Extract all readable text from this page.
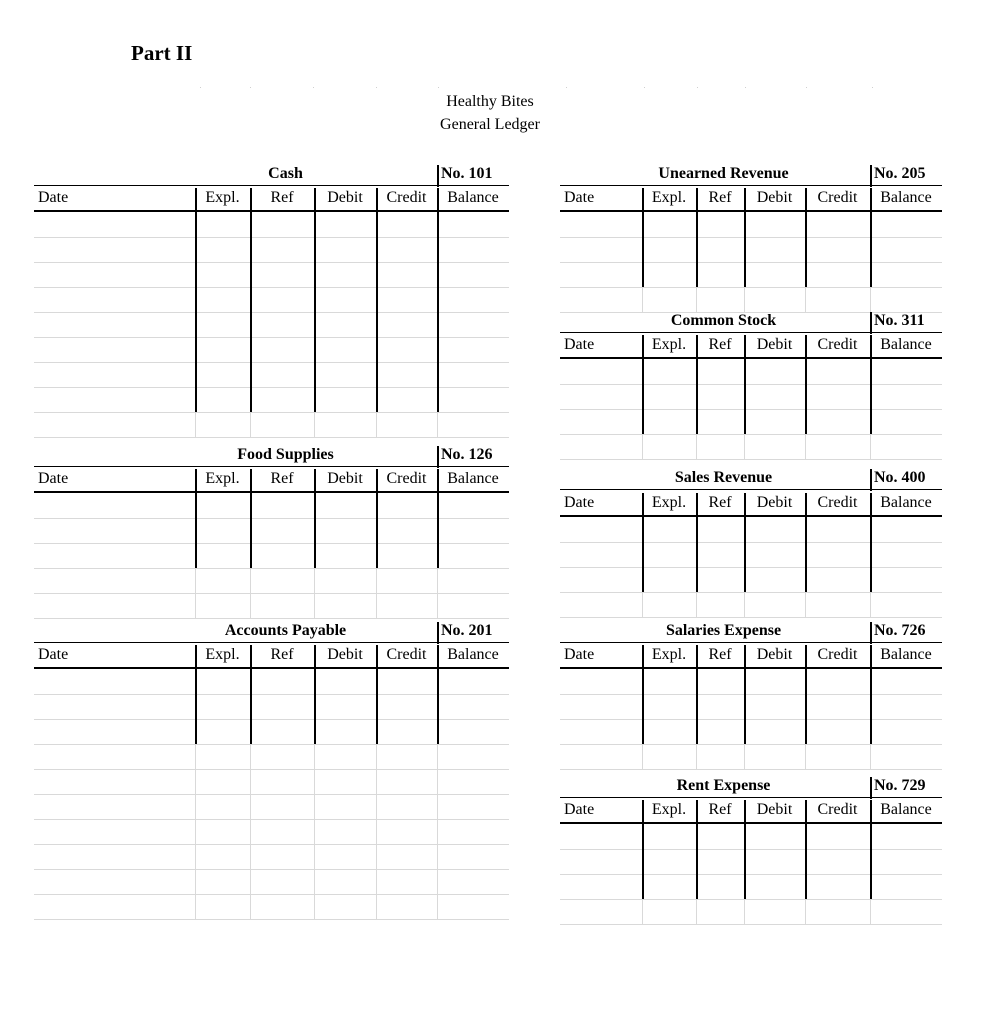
Part II
Healthy Bites
General Ledger
Cash	No. 101
Date	Expl.	Ref	Debit	Credit	Balance
Food Supplies	No. 126
Date	Expl.	Ref	Debit	Credit	Balance
Accounts Payable	No. 201
Date	Expl.	Ref	Debit	Credit	Balance
Unearned Revenue	No. 205
Date	Expl.	Ref	Debit	Credit	Balance
Common Stock	No. 311
Date	Expl.	Ref	Debit	Credit	Balance
Sales Revenue	No. 400
Date	Expl.	Ref	Debit	Credit	Balance
Salaries Expense	No. 726
Date	Expl.	Ref	Debit	Credit	Balance
Rent Expense	No. 729
Date	Expl.	Ref	Debit	Credit	Balance
